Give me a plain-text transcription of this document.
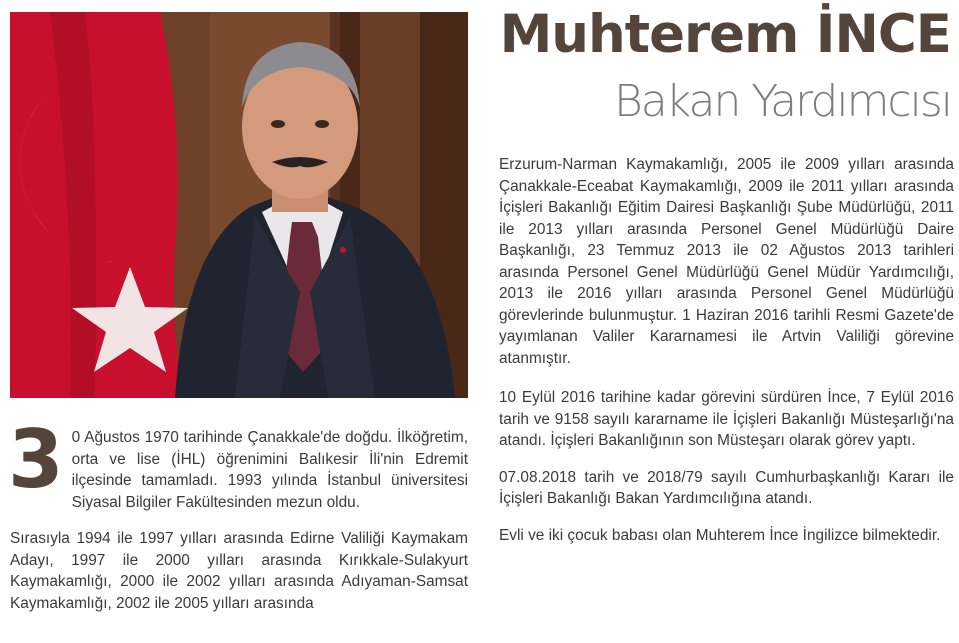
Muhterem İNCE
Bakan Yardımcısı

3 0 Ağustos 1970 tarihinde Çanakkale'de doğdu. İlköğretim, orta ve lise (İHL) öğrenimini Balıkesir İli'nin Edremit ilçesinde tamamladı. 1993 yılında İstanbul üniversitesi Siyasal Bilgiler Fakültesinden mezun oldu.

Sırasıyla 1994 ile 1997 yılları arasında Edirne Valiliği Kaymakam Adayı, 1997 ile 2000 yılları arasında Kırıkkale-Sulakyurt Kaymakamlığı, 2000 ile 2002 yılları arasında Adıyaman-Samsat Kaymakamlığı, 2002 ile 2005 yılları arasında

Erzurum-Narman Kaymakamlığı, 2005 ile 2009 yılları arasında Çanakkale-Eceabat Kaymakamlığı, 2009 ile 2011 yılları arasında İçişleri Bakanlığı Eğitim Dairesi Başkanlığı Şube Müdürlüğü, 2011 ile 2013 yılları arasında Personel Genel Müdürlüğü Daire Başkanlığı, 23 Temmuz 2013 ile 02 Ağustos 2013 tarihleri arasında Personel Genel Müdürlüğü Genel Müdür Yardımcılığı, 2013 ile 2016 yılları arasında Personel Genel Müdürlüğü görevlerinde bulunmuştur. 1 Haziran 2016 tarihli Resmi Gazete'de yayımlanan Valiler Kararnamesi ile Artvin Valiliği görevine atanmıştır.

10 Eylül 2016 tarihine kadar görevini sürdüren İnce, 7 Eylül 2016 tarih ve 9158 sayılı kararname ile İçişleri Bakanlığı Müsteşarlığı'na atandı. İçişleri Bakanlığının son Müsteşarı olarak görev yaptı.

07.08.2018 tarih ve 2018/79 sayılı Cumhurbaşkanlığı Kararı ile İçişleri Bakanlığı Bakan Yardımcılığına atandı.

Evli ve iki çocuk babası olan Muhterem İnce İngilizce bilmektedir.
